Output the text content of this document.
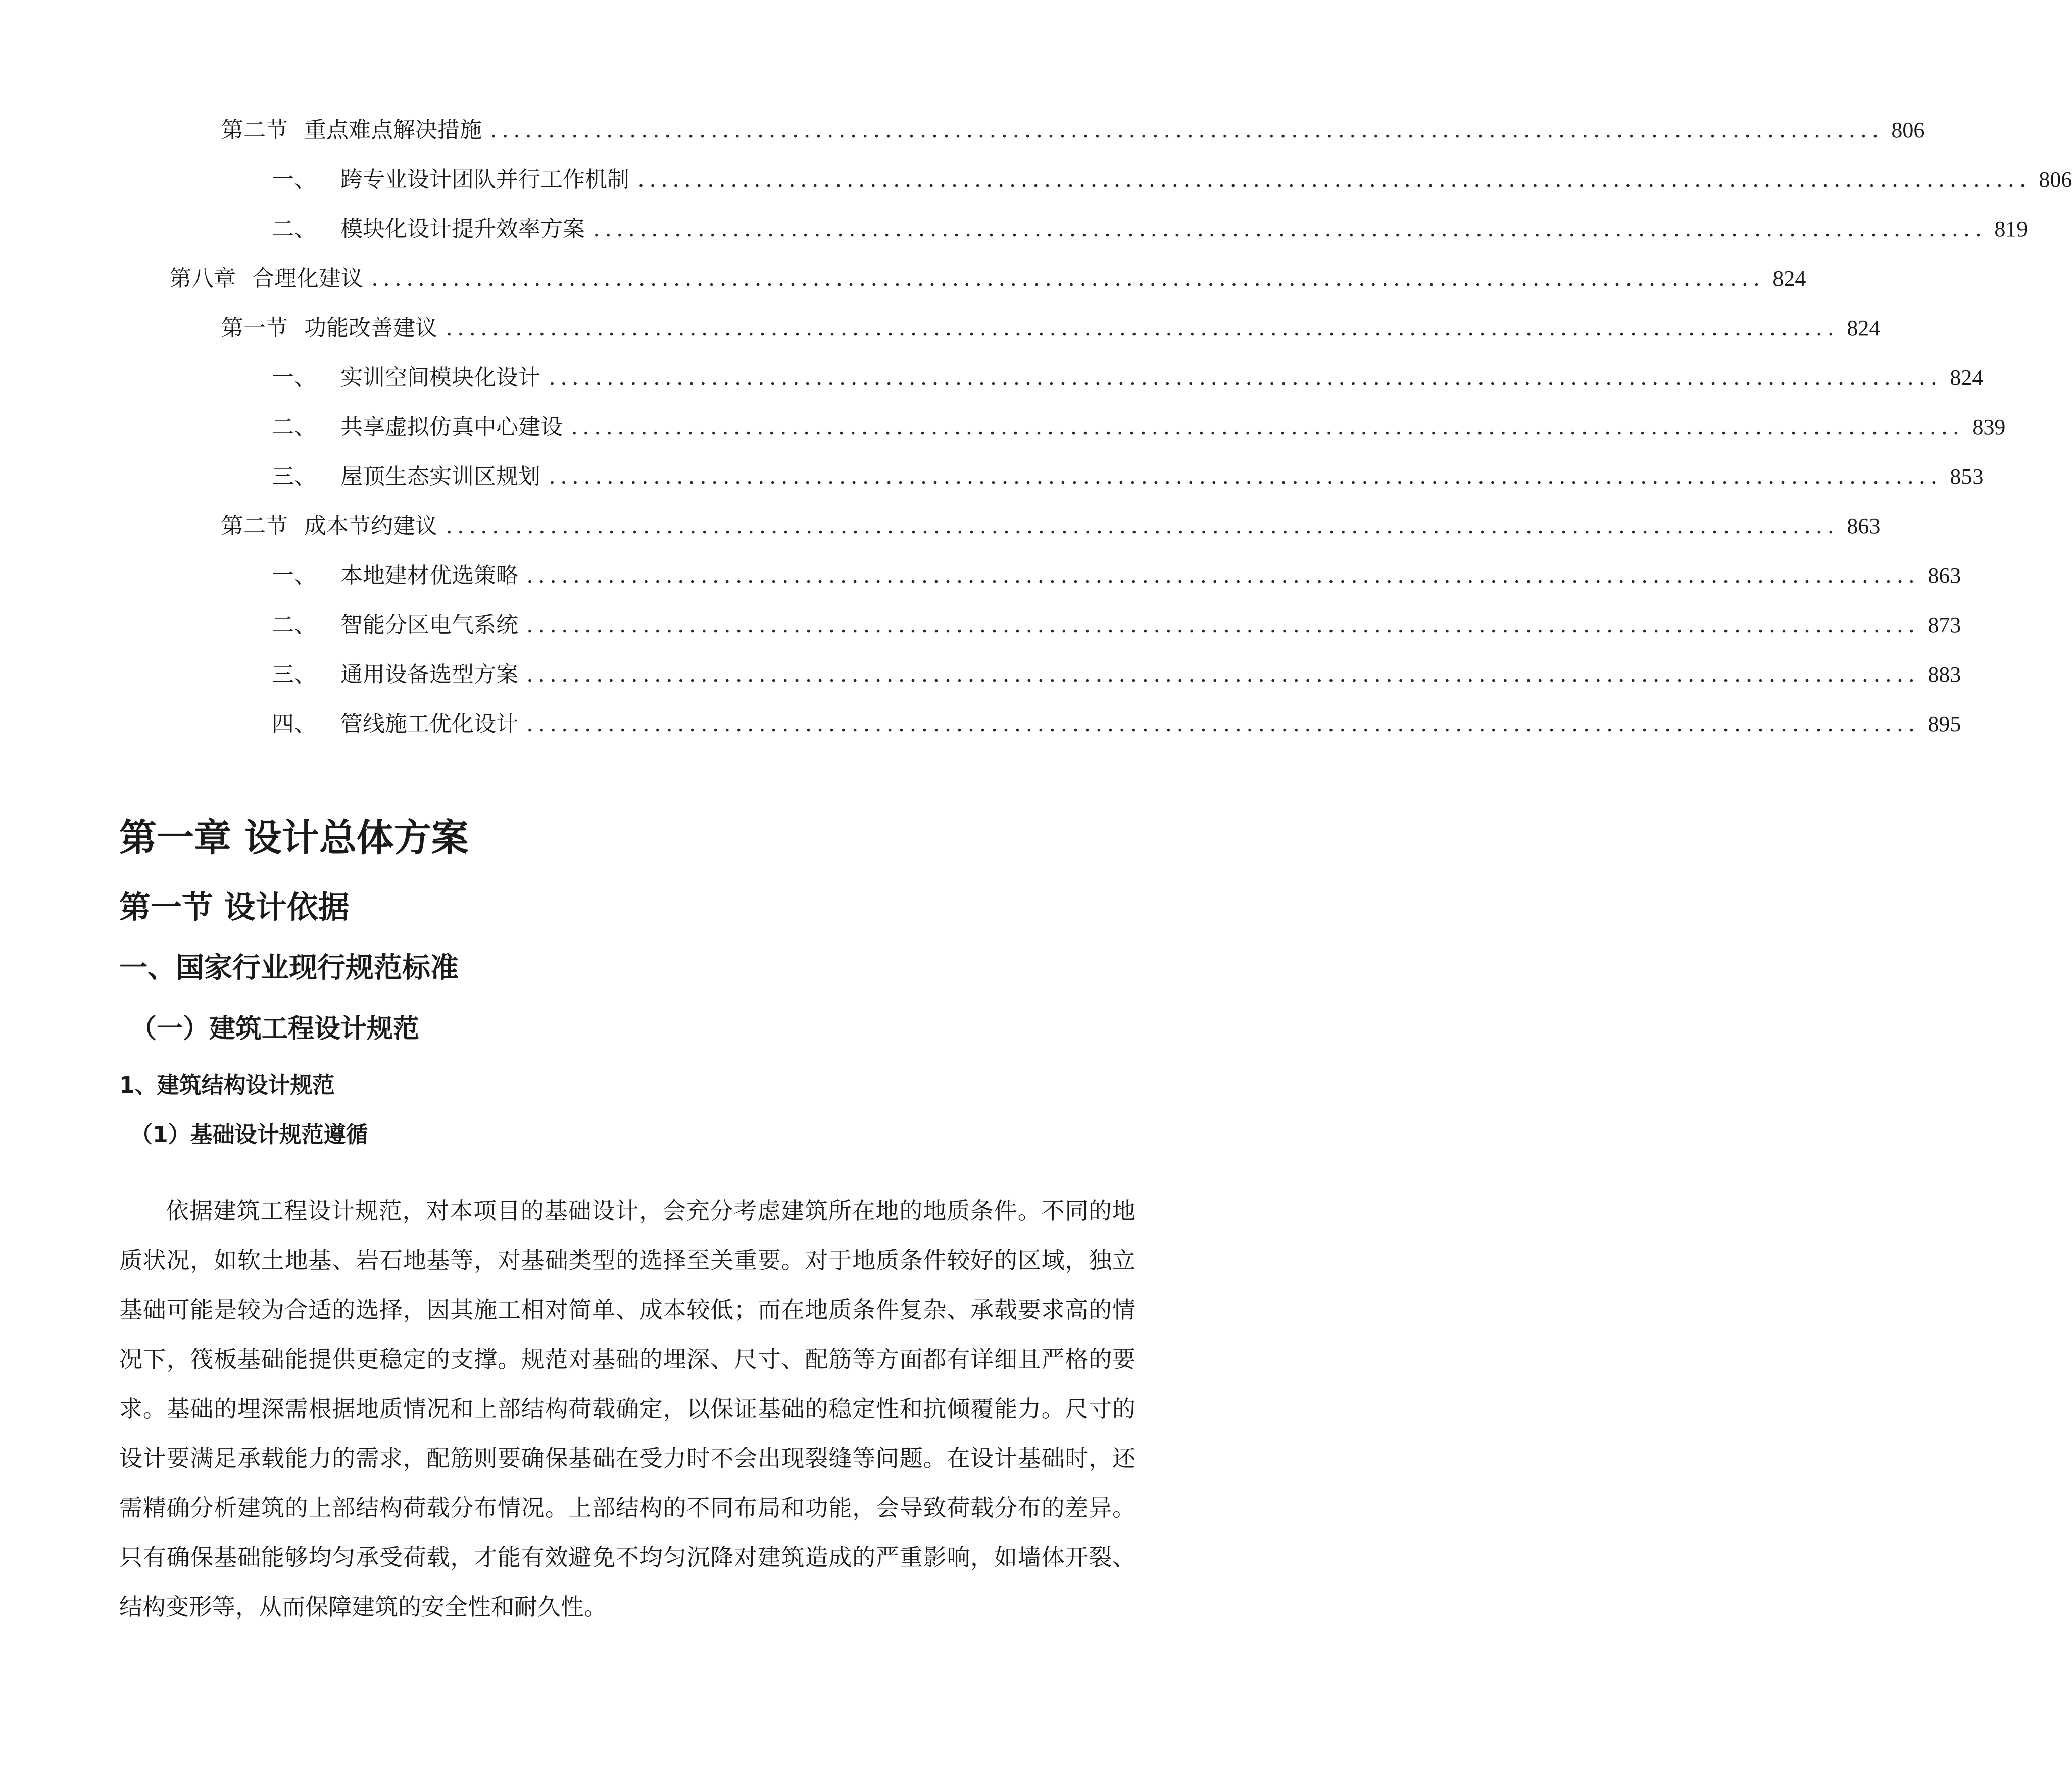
第二节 重点难点解决措施 ........................................................................................................................ 806
一、 跨专业设计团队并行工作机制 ........................................................................................................................ 806
二、 模块化设计提升效率方案 ........................................................................................................................ 819
第八章 合理化建议 ........................................................................................................................ 824
第一节 功能改善建议 ........................................................................................................................ 824
一、 实训空间模块化设计 ........................................................................................................................ 824
二、 共享虚拟仿真中心建设 ........................................................................................................................ 839
三、 屋顶生态实训区规划 ........................................................................................................................ 853
第二节 成本节约建议 ........................................................................................................................ 863
一、 本地建材优选策略 ........................................................................................................................ 863
二、 智能分区电气系统 ........................................................................................................................ 873
三、 通用设备选型方案 ........................................................................................................................ 883
四、 管线施工优化设计 ........................................................................................................................ 895
第一章 设计总体方案
第一节 设计依据
一、国家行业现行规范标准
（一）建筑工程设计规范
1、建筑结构设计规范
（1）基础设计规范遵循

依据建筑工程设计规范，对本项目的基础设计，会充分考虑建筑所在地的地质条件。不同的地质状况，如软土地基、岩石地基等，对基础类型的选择至关重要。对于地质条件较好的区域，独立基础可能是较为合适的选择，因其施工相对简单、成本较低；而在地质条件复杂、承载要求高的情况下，筏板基础能提供更稳定的支撑。规范对基础的埋深、尺寸、配筋等方面都有详细且严格的要求。基础的埋深需根据地质情况和上部结构荷载确定，以保证基础的稳定性和抗倾覆能力。尺寸的设计要满足承载能力的需求，配筋则要确保基础在受力时不会出现裂缝等问题。在设计基础时，还需精确分析建筑的上部结构荷载分布情况。上部结构的不同布局和功能，会导致荷载分布的差异。只有确保基础能够均匀承受荷载，才能有效避免不均匀沉降对建筑造成的严重影响，如墙体开裂、结构变形等，从而保障建筑的安全性和耐久性。
